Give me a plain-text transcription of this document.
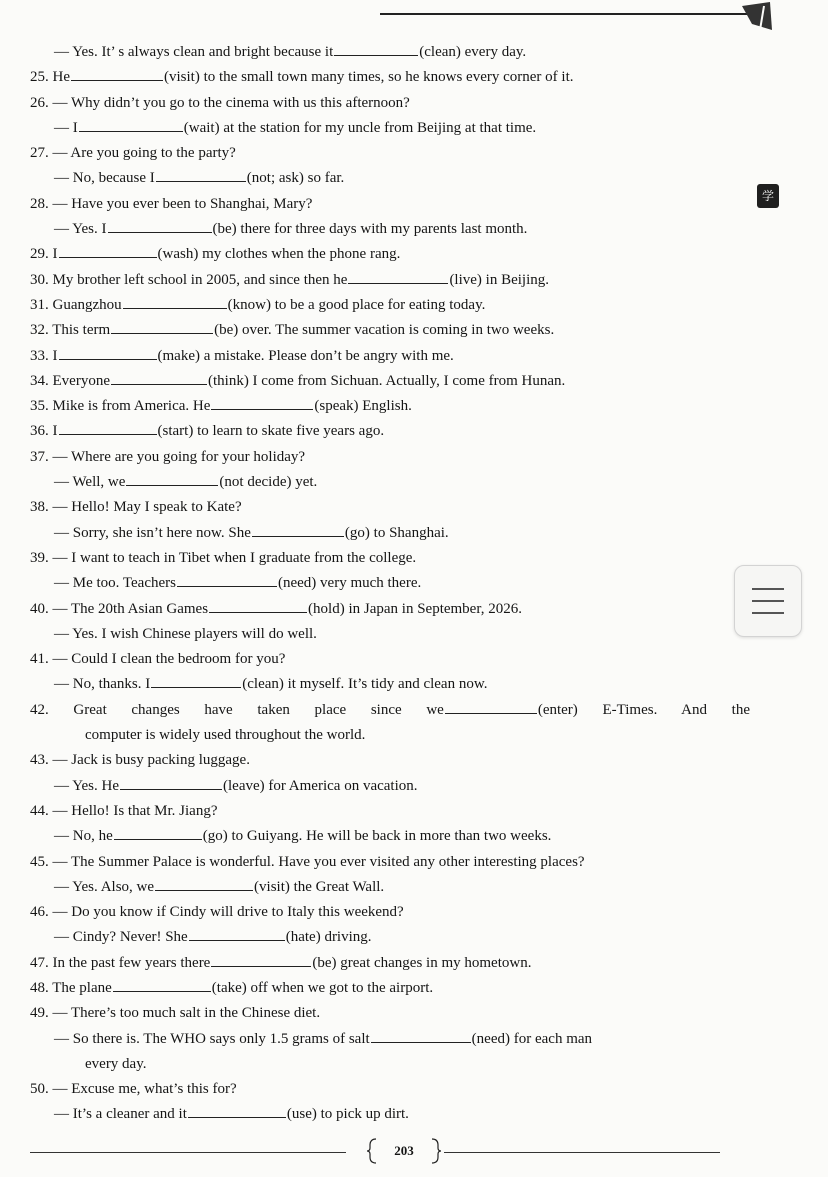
— Yes. It’ s always clean and bright because it	(clean) every day.
25. He	(visit) to the small town many times, so he knows every corner of it.
26. — Why didn’t you go to the cinema with us this afternoon?
— I	(wait) at the station for my uncle from Beijing at that time.
27. — Are you going to the party?
— No, because I	(not; ask) so far.
28. — Have you ever been to Shanghai, Mary?
— Yes. I	(be) there for three days with my parents last month.
29. I	(wash) my clothes when the phone rang.
30. My brother left school in 2005, and since then he	(live) in Beijing.
31. Guangzhou	(know) to be a good place for eating today.
32. This term	(be) over. The summer vacation is coming in two weeks.
33. I	(make) a mistake. Please don’t be angry with me.
34. Everyone	(think) I come from Sichuan. Actually, I come from Hunan.
35. Mike is from America. He	(speak) English.
36. I	(start) to learn to skate five years ago.
37. — Where are you going for your holiday?
— Well, we	(not decide) yet.
38. — Hello! May I speak to Kate?
— Sorry, she isn’t here now. She	(go) to Shanghai.
39. — I want to teach in Tibet when I graduate from the college.
— Me too. Teachers	(need) very much there.
40. — The 20th Asian Games	(hold) in Japan in September, 2026.
— Yes. I wish Chinese players will do well.
41. — Could I clean the bedroom for you?
— No, thanks. I	(clean) it myself. It’s tidy and clean now.
42. Great changes have taken place since we	(enter) E-Times. And the
computer is widely used throughout the world.
43. — Jack is busy packing luggage.
— Yes. He	(leave) for America on vacation.
44. — Hello! Is that Mr. Jiang?
— No, he	(go) to Guiyang. He will be back in more than two weeks.
45. — The Summer Palace is wonderful. Have you ever visited any other interesting places?
— Yes. Also, we	(visit) the Great Wall.
46. — Do you know if Cindy will drive to Italy this weekend?
— Cindy? Never! She	(hate) driving.
47. In the past few years there	(be) great changes in my hometown.
48. The plane	(take) off when we got to the airport.
49. — There’s too much salt in the Chinese diet.
— So there is. The WHO says only 1.5 grams of salt	(need) for each man
every day.
50. — Excuse me, what’s this for?
— It’s a cleaner and it	(use) to pick up dirt.
学
203
